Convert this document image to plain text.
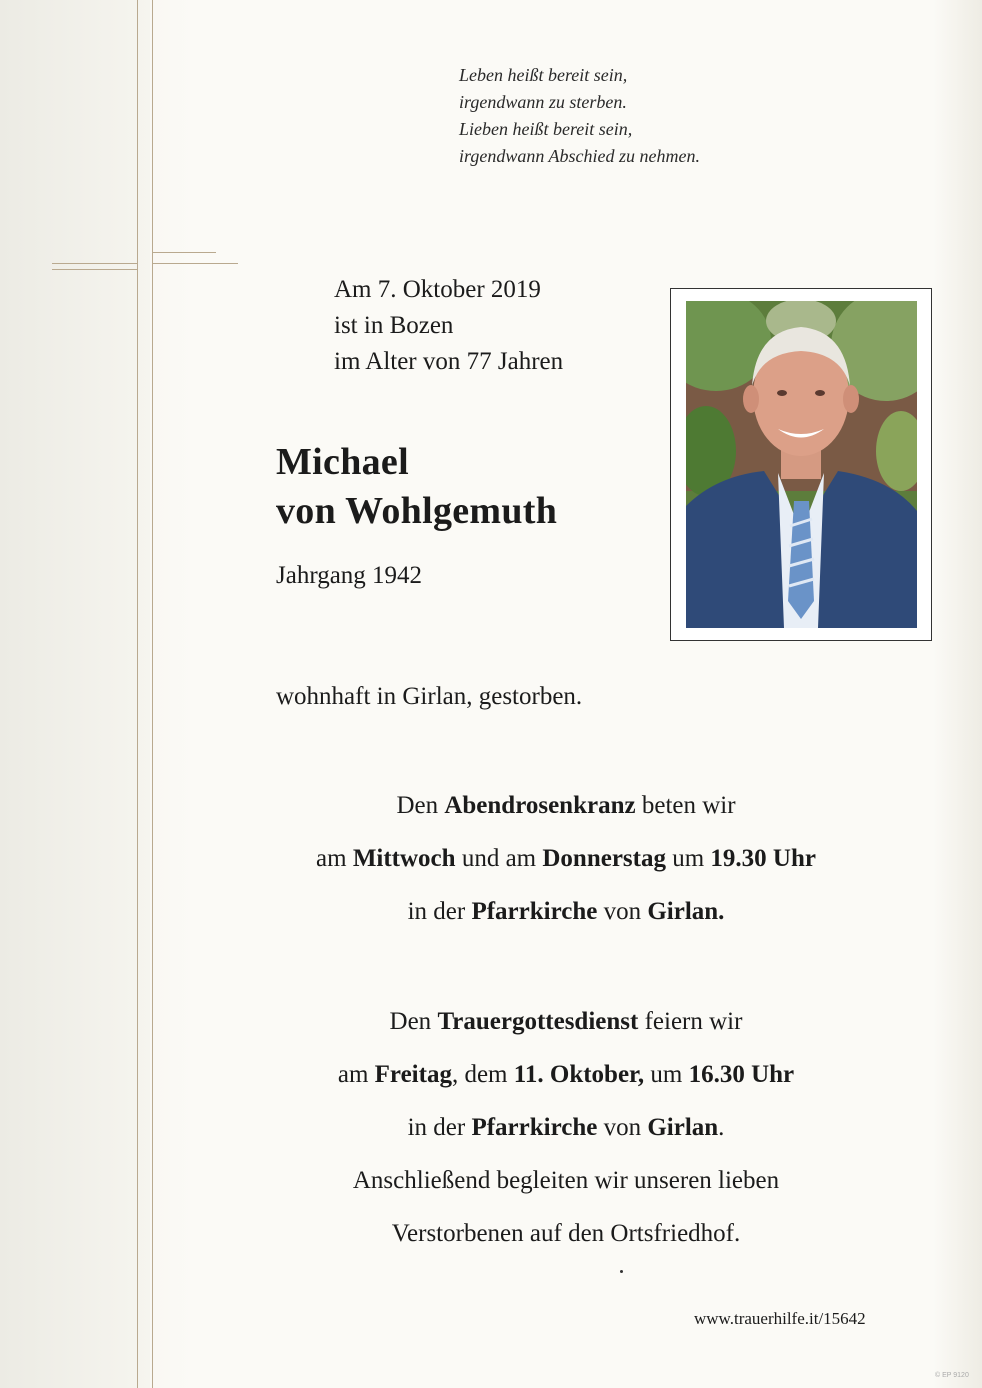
Leben heißt bereit sein,
irgendwann zu sterben.
Lieben heißt bereit sein,
irgendwann Abschied zu nehmen.
Am 7. Oktober 2019
ist in Bozen
im Alter von 77 Jahren
Michael
von Wohlgemuth
Jahrgang 1942
wohnhaft in Girlan, gestorben.
Den Abendrosenkranz beten wir
am Mittwoch und am Donnerstag um 19.30 Uhr
in der Pfarrkirche von Girlan.
Den Trauergottesdienst feiern wir
am Freitag, dem 11. Oktober, um 16.30 Uhr
in der Pfarrkirche von Girlan.
Anschließend begleiten wir unseren lieben
Verstorbenen auf den Ortsfriedhof.
www.trauerhilfe.it/15642
© EP 9120
